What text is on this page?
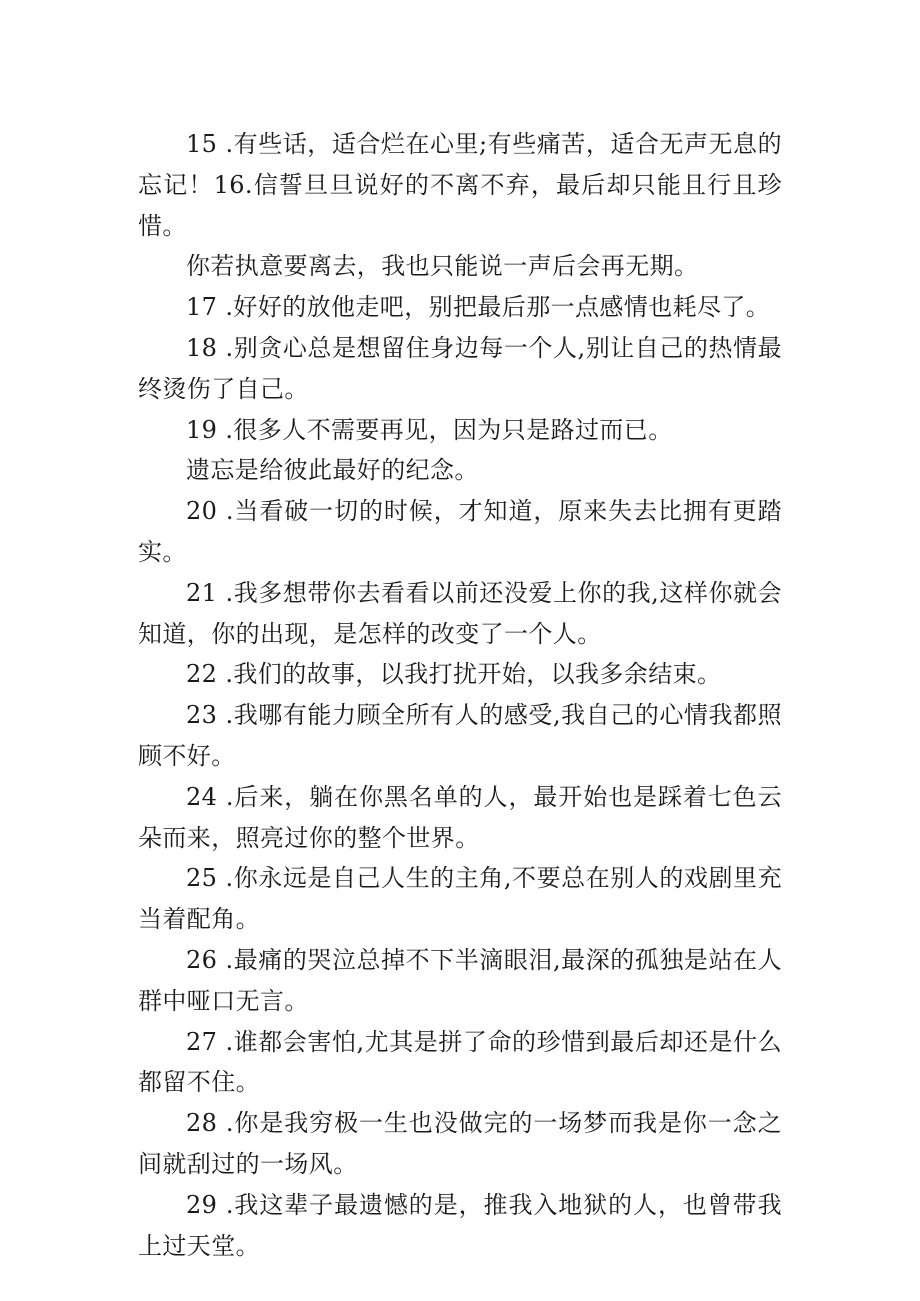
15 .有些话，适合烂在心里;有些痛苦，适合无声无息的忘记！16.信誓旦旦说好的不离不弃，最后却只能且行且珍惜。

你若执意要离去，我也只能说一声后会再无期。

17 .好好的放他走吧，别把最后那一点感情也耗尽了。

18 .别贪心总是想留住身边每一个人,别让自己的热情最终烫伤了自己。

19 .很多人不需要再见，因为只是路过而已。

遗忘是给彼此最好的纪念。

20 .当看破一切的时候，才知道，原来失去比拥有更踏实。

21 .我多想带你去看看以前还没爱上你的我,这样你就会知道，你的出现，是怎样的改变了一个人。

22 .我们的故事，以我打扰开始，以我多余结束。

23 .我哪有能力顾全所有人的感受,我自己的心情我都照顾不好。

24 .后来，躺在你黑名单的人，最开始也是踩着七色云朵而来，照亮过你的整个世界。

25 .你永远是自己人生的主角,不要总在别人的戏剧里充当着配角。

26 .最痛的哭泣总掉不下半滴眼泪,最深的孤独是站在人群中哑口无言。

27 .谁都会害怕,尤其是拼了命的珍惜到最后却还是什么都留不住。

28 .你是我穷极一生也没做完的一场梦而我是你一念之间就刮过的一场风。

29 .我这辈子最遗憾的是，推我入地狱的人，也曾带我上过天堂。
